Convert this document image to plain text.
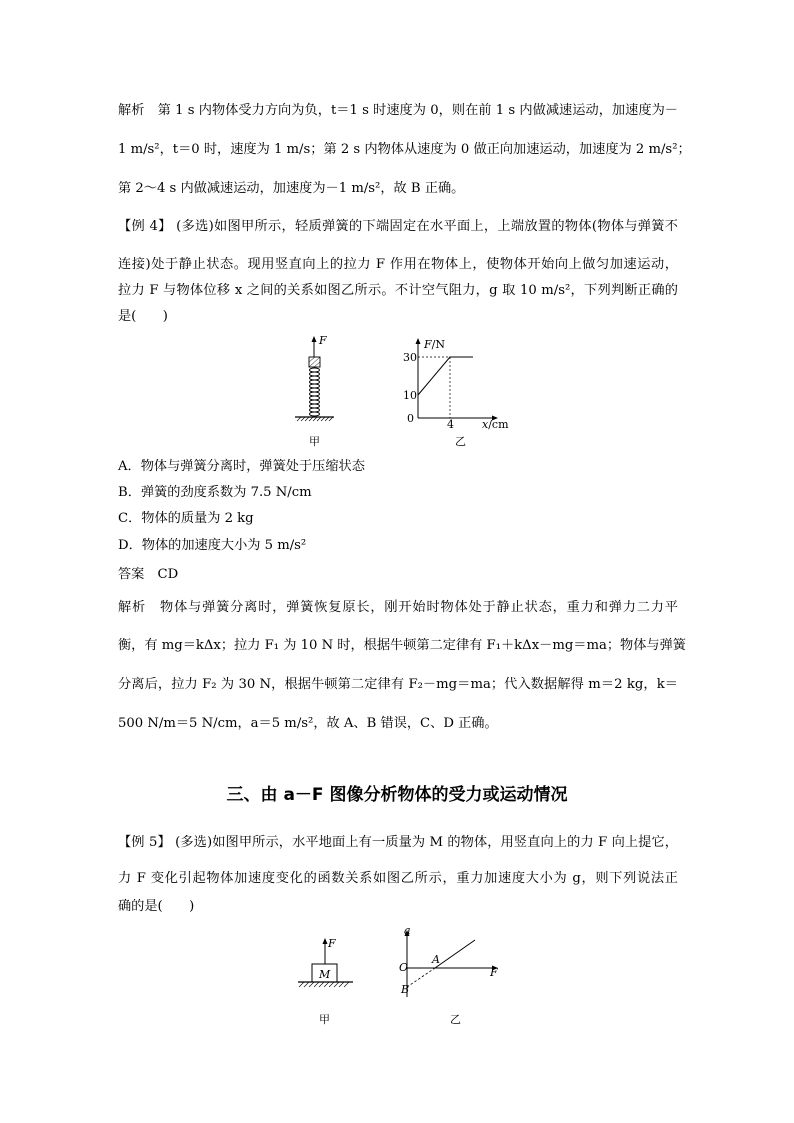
解析　第 1 s 内物体受力方向为负，t＝1 s 时速度为 0，则在前 1 s 内做减速运动，加速度为－
1 m/s²，t＝0 时，速度为 1 m/s；第 2 s 内物体从速度为 0 做正向加速运动，加速度为 2 m/s²；
第 2～4 s 内做减速运动，加速度为－1 m/s²，故 B 正确。
【例 4】 (多选)如图甲所示，轻质弹簧的下端固定在水平面上，上端放置的物体(物体与弹簧不
连接)处于静止状态。现用竖直向上的拉力 F 作用在物体上，使物体开始向上做匀加速运动，
拉力 F 与物体位移 x 之间的关系如图乙所示。不计空气阻力，g 取 10 m/s²，下列判断正确的
是(　　)
F
甲
F/N
30
10
0	4	x/cm
乙
A．物体与弹簧分离时，弹簧处于压缩状态
B．弹簧的劲度系数为 7.5 N/cm
C．物体的质量为 2 kg
D．物体的加速度大小为 5 m/s²
答案　CD
解析　物体与弹簧分离时，弹簧恢复原长，刚开始时物体处于静止状态，重力和弹力二力平
衡，有 mg＝kΔx；拉力 F₁ 为 10 N 时，根据牛顿第二定律有 F₁＋kΔx－mg＝ma；物体与弹簧
分离后，拉力 F₂ 为 30 N，根据牛顿第二定律有 F₂－mg＝ma；代入数据解得 m＝2 kg，k＝
500 N/m＝5 N/cm，a＝5 m/s²，故 A、B 错误，C、D 正确。
三、由 a－F 图像分析物体的受力或运动情况
【例 5】 (多选)如图甲所示，水平地面上有一质量为 M 的物体，用竖直向上的力 F 向上提它，
力 F 变化引起物体加速度变化的函数关系如图乙所示，重力加速度大小为 g，则下列说法正
确的是(　　)
F
M
甲
a
O
A
B
F
乙
